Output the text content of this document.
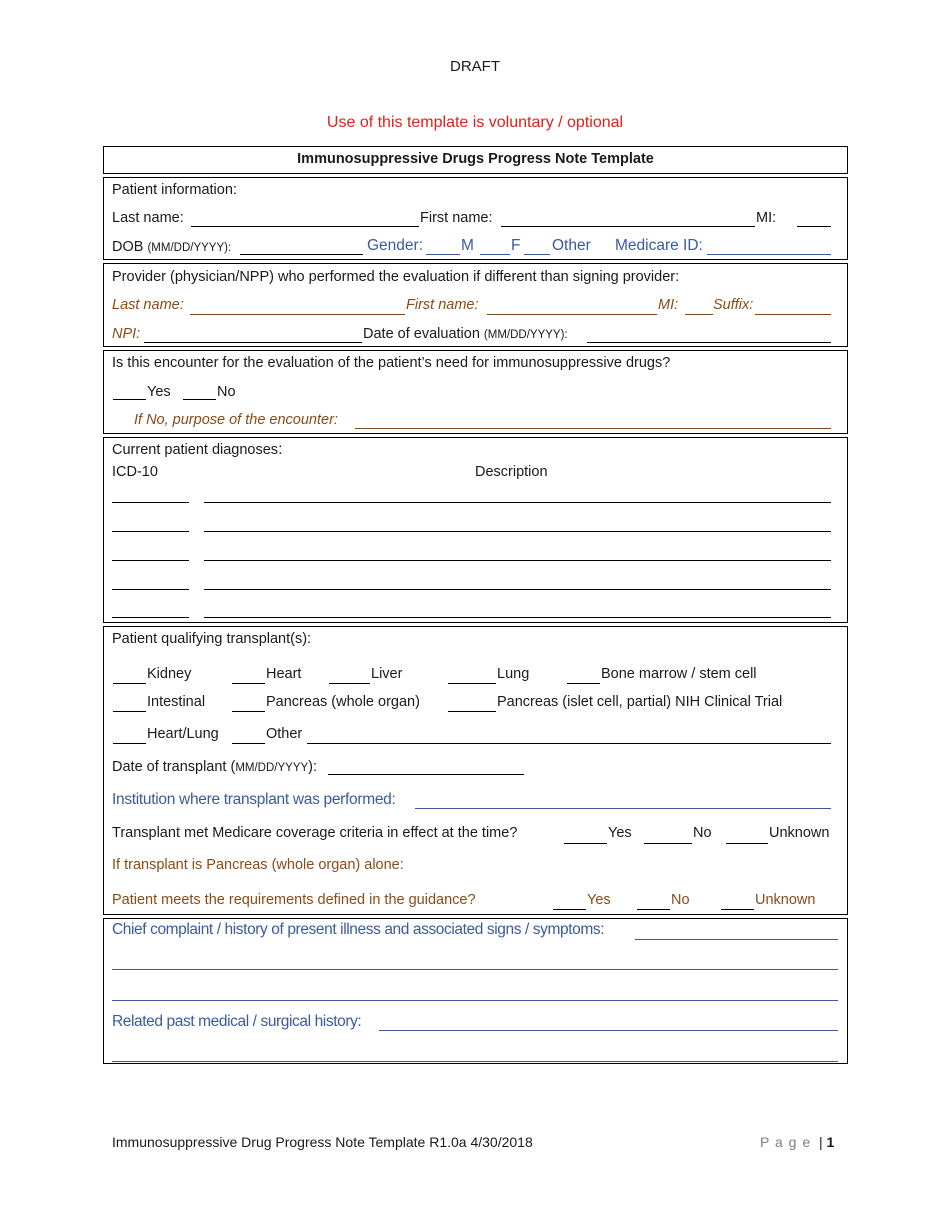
DRAFT
Use of this template is voluntary / optional
Immunosuppressive Drugs Progress Note Template
Patient information:
Last name:	First name:	MI:
DOB (MM/DD/YYYY):	Gender: M F Other Medicare ID:
Provider (physician/NPP) who performed the evaluation if different than signing provider:
Last name:	First name:	MI: Suffix:
NPI:	Date of evaluation (MM/DD/YYYY):
Is this encounter for the evaluation of the patient’s need for immunosuppressive drugs?
Yes	No
If No, purpose of the encounter:
Current patient diagnoses:
ICD-10	Description
Patient qualifying transplant(s):
Kidney	Heart	Liver	Lung	Bone marrow / stem cell
Intestinal	Pancreas (whole organ)	Pancreas (islet cell, partial) NIH Clinical Trial
Heart/Lung	Other
Date of transplant (MM/DD/YYYY):
Institution where transplant was performed:
Transplant met Medicare coverage criteria in effect at the time?	Yes	No	Unknown
If transplant is Pancreas (whole organ) alone:
Patient meets the requirements defined in the guidance?	Yes	No	Unknown
Chief complaint / history of present illness and associated signs / symptoms:
Related past medical / surgical history:
Immunosuppressive Drug Progress Note Template R1.0a 4/30/2018	P a g e | 1
